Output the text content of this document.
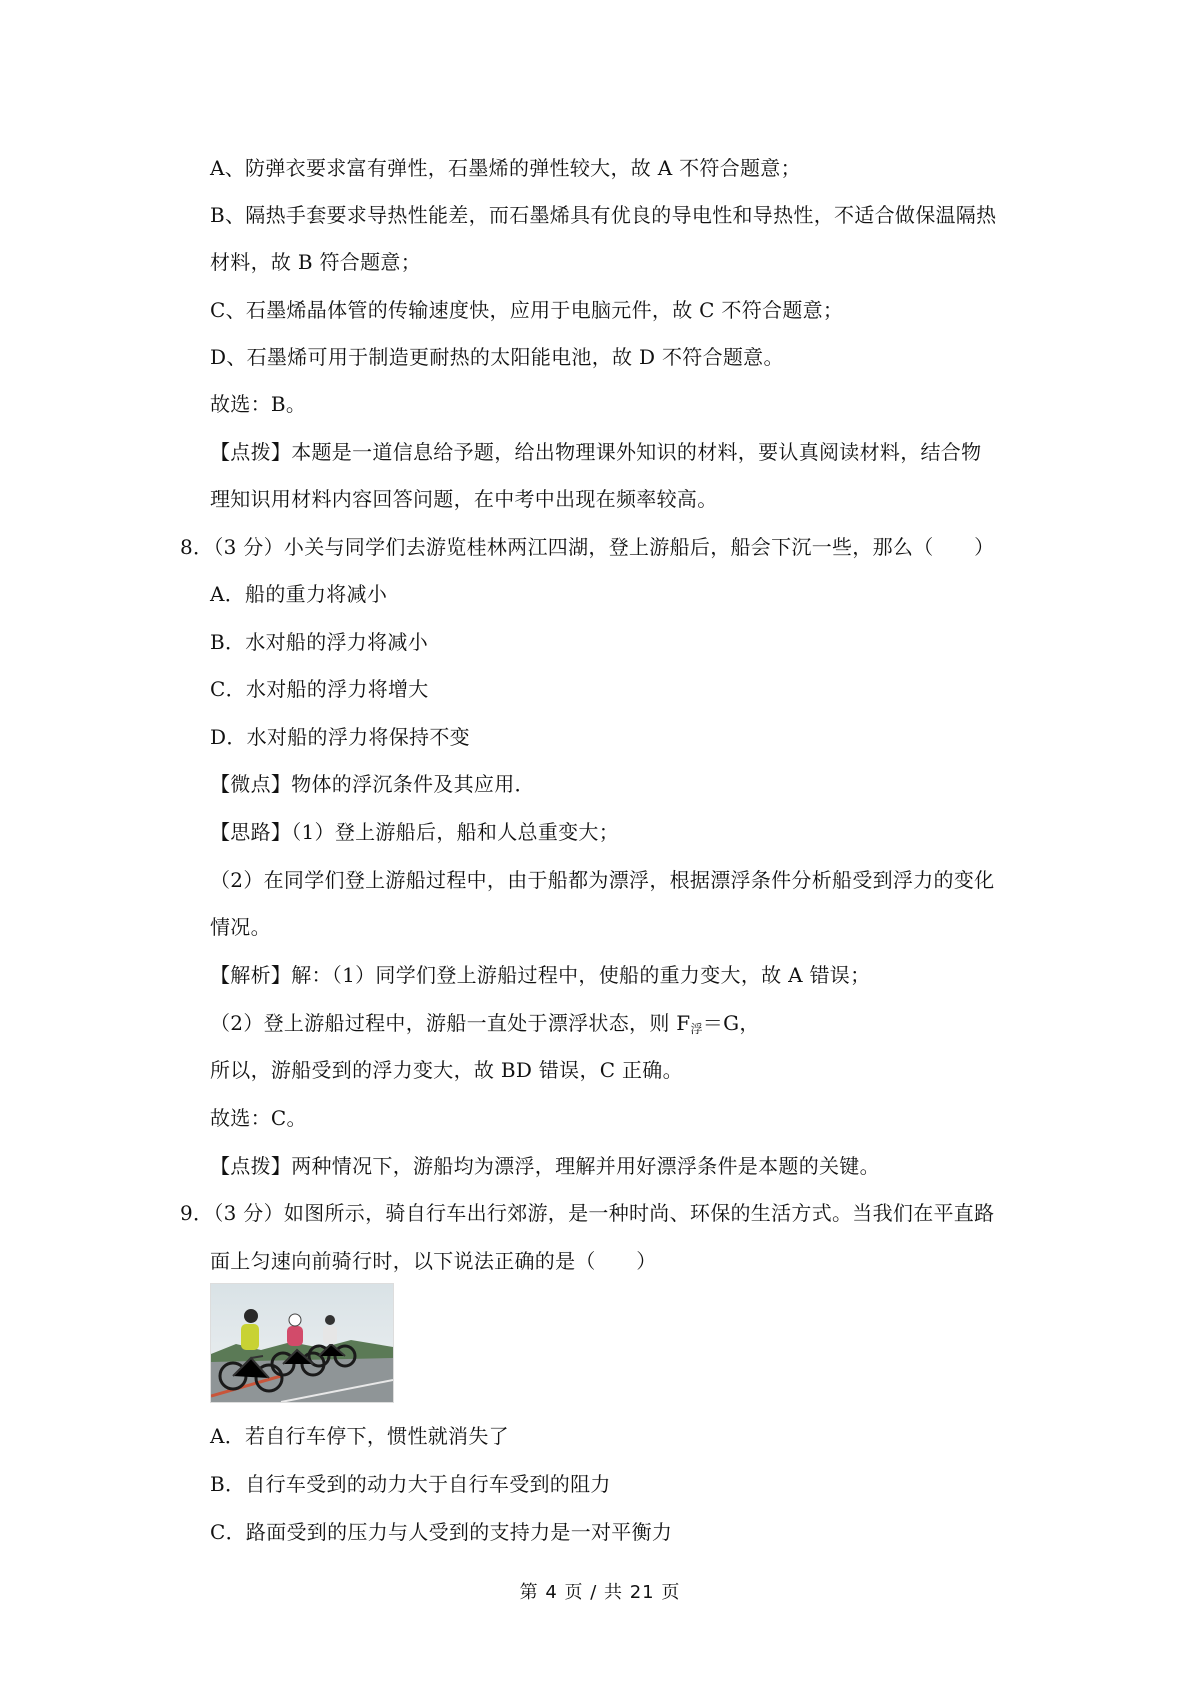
A、防弹衣要求富有弹性，石墨烯的弹性较大，故 A 不符合题意；
B、隔热手套要求导热性能差，而石墨烯具有优良的导电性和导热性，不适合做保温隔热
材料，故 B 符合题意；
C、石墨烯晶体管的传输速度快，应用于电脑元件，故 C 不符合题意；
D、石墨烯可用于制造更耐热的太阳能电池，故 D 不符合题意。
故选：B。
【点拨】本题是一道信息给予题，给出物理课外知识的材料，要认真阅读材料，结合物
理知识用材料内容回答问题，在中考中出现在频率较高。
8．（3 分）小关与同学们去游览桂林两江四湖，登上游船后，船会下沉一些，那么（　　）
A．船的重力将减小
B．水对船的浮力将减小
C．水对船的浮力将增大
D．水对船的浮力将保持不变
【微点】物体的浮沉条件及其应用．
【思路】（1）登上游船后，船和人总重变大；
（2）在同学们登上游船过程中，由于船都为漂浮，根据漂浮条件分析船受到浮力的变化
情况。
【解析】解：（1）同学们登上游船过程中，使船的重力变大，故 A 错误；
（2）登上游船过程中，游船一直处于漂浮状态，则 $F_浮=G$，
所以，游船受到的浮力变大，故 BD 错误，C 正确。
故选：C。
【点拨】两种情况下，游船均为漂浮，理解并用好漂浮条件是本题的关键。
9．（3 分）如图所示，骑自行车出行郊游，是一种时尚、环保的生活方式。当我们在平直路
面上匀速向前骑行时，以下说法正确的是（　　）
A．若自行车停下，惯性就消失了
B．自行车受到的动力大于自行车受到的阻力
C．路面受到的压力与人受到的支持力是一对平衡力
第 4 页 / 共 21 页
